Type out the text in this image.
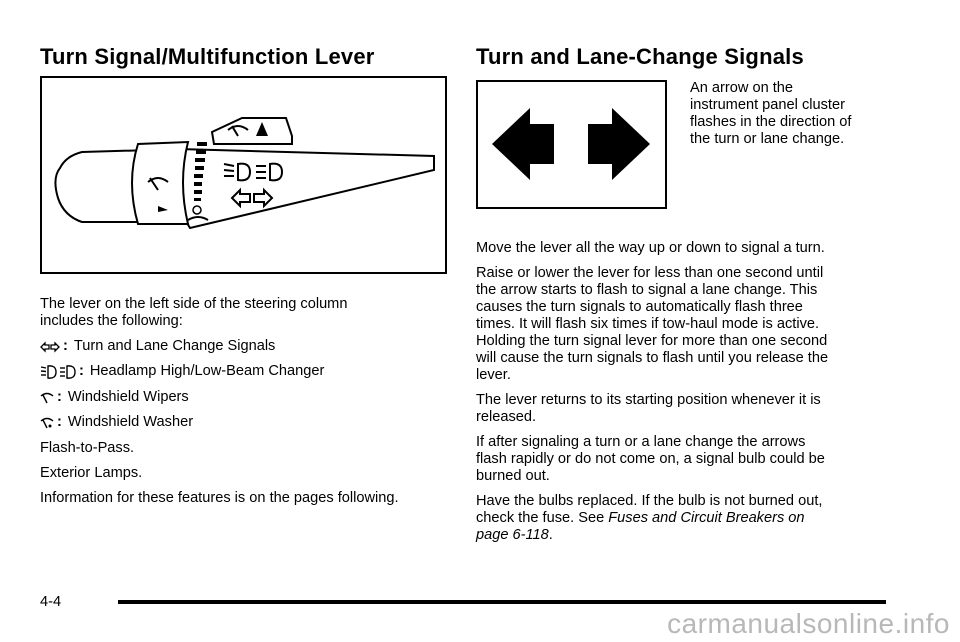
Turn Signal/Multifunction Lever

The lever on the left side of the steering column

includes the following:

: Turn and Lane Change Signals
: Headlamp High/Low-Beam Changer
: Windshield Wipers
: Windshield Washer

Flash-to-Pass.

Exterior Lamps.

Information for these features is on the pages following.

Turn and Lane-Change Signals

An arrow on the

instrument panel cluster

flashes in the direction of

the turn or lane change.

Move the lever all the way up or down to signal a turn.

Raise or lower the lever for less than one second until

the arrow starts to flash to signal a lane change. This

causes the turn signals to automatically flash three

times. It will flash six times if tow-haul mode is active.

Holding the turn signal lever for more than one second

will cause the turn signals to flash until you release the

lever.

The lever returns to its starting position whenever it is

released.

If after signaling a turn or a lane change the arrows

flash rapidly or do not come on, a signal bulb could be

burned out.

Have the bulbs replaced. If the bulb is not burned out,

check the fuse. See Fuses and Circuit Breakers on

page 6-118.

4-4
carmanualsonline.info
